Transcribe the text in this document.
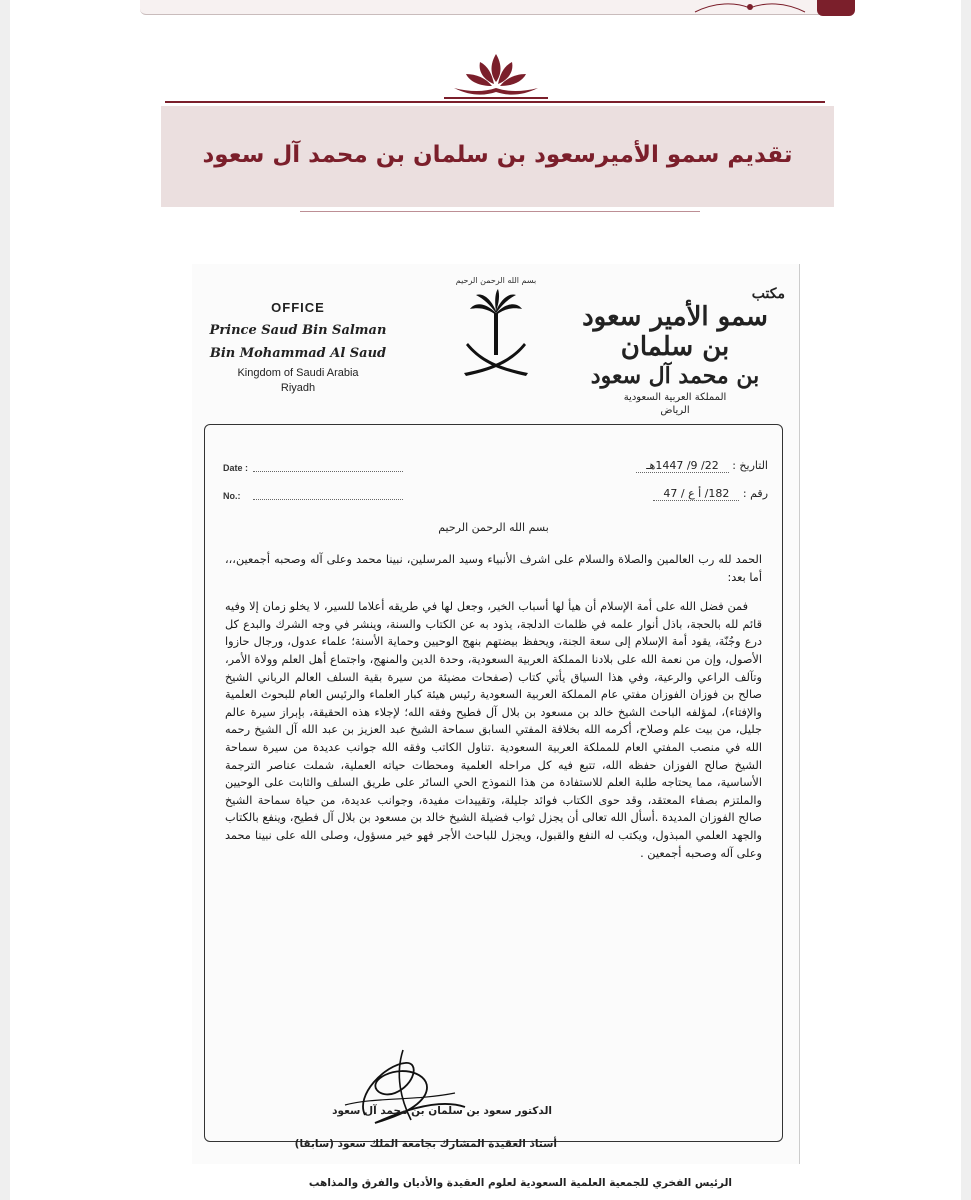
تقديم سمو الأميرسعود بن سلمان بن محمد آل سعود
OFFICE
Prince Saud Bin Salman
Bin Mohammad Al Saud
Kingdom of Saudi Arabia
Riyadh
بسم الله الرحمن الرحيم
مكتب
سمو الأمير سعود بن سلمان
بن محمد آل سعود
المملكة العربية السعودية
الرياض
Date :
No.:
التاريخ : 22/ 9/ 1447هـ
رقم : 182/ أ ع / 47
بسم الله الرحمن الرحيم

الحمد لله رب العالمين والصلاة والسلام على اشرف الأنبياء وسيد المرسلين، نبينا محمد وعلى آله وصحبه أجمعين،،، أما بعد:

فمن فضل الله على أمة الإسلام أن هيأ لها أسباب الخير، وجعل لها في طريقه أعلاما للسير، لا يخلو زمان إلا وفيه قائم لله بالحجة، باذل أنوار علمه في ظلمات الدلجة، يذود به عن الكتاب والسنة، وينشر في وجه الشرك والبدع كل درع وجُنّة، يقود أمة الإسلام إلى سعة الجنة، ويحفظ بيضتهم بنهج الوحيين وحماية الأسنة؛ علماء عدول، ورجال حازوا الأصول، وإن من نعمة الله على بلادنا المملكة العربية السعودية، وحدة الدين والمنهج، واجتماع أهل العلم وولاة الأمر، وتآلف الراعي والرعية، وفي هذا السياق يأتي كتاب (صفحات مضيئة من سيرة بقية السلف العالم الرباني الشيخ صالح بن فوزان الفوزان مفتي عام المملكة العربية السعودية رئيس هيئة كبار العلماء والرئيس العام للبحوث العلمية والإفتاء)، لمؤلفه الباحث الشيخ خالد بن مسعود بن بلال آل فطيح وفقه الله؛ لإجلاء هذه الحقيقة، بإبراز سيرة عالم جليل، من بيت علم وصلاح، أكرمه الله بخلافة المفتي السابق سماحة الشيخ عبد العزيز بن عبد الله آل الشيخ رحمه الله في منصب المفتي العام للمملكة العربية السعودية .تناول الكاتب وفقه الله جوانب عديدة من سيرة سماحة الشيخ صالح الفوزان حفظه الله، تتبع فيه كل مراحله العلمية ومحطات حياته العملية، شملت عناصر الترجمة الأساسية، مما يحتاجه طلبة العلم للاستفادة من هذا النموذج الحي السائر على طريق السلف والثابت على الوحيين والملتزم بصفاء المعتقد، وقد حوى الكتاب فوائد جليلة، وتقييدات مفيدة، وجوانب عديدة، من حياة سماحة الشيخ صالح الفوزان المديدة .أسأل الله تعالى أن يجزل ثواب فضيلة الشيخ خالد بن مسعود بن بلال آل فطيح، وينفع بالكتاب والجهد العلمي المبذول، ويكتب له النفع والقبول، ويجزل للباحث الأجر فهو خير مسؤول، وصلى الله على نبينا محمد وعلى آله وصحبه أجمعين .

الدكتور سعود بن سلمان بن محمد آل سعود
أستاذ العقيدة المشارك بجامعة الملك سعود (سابقا)
الرئيس الفخري للجمعية العلمية السعودية لعلوم العقيدة والأديان والفرق والمذاهب
